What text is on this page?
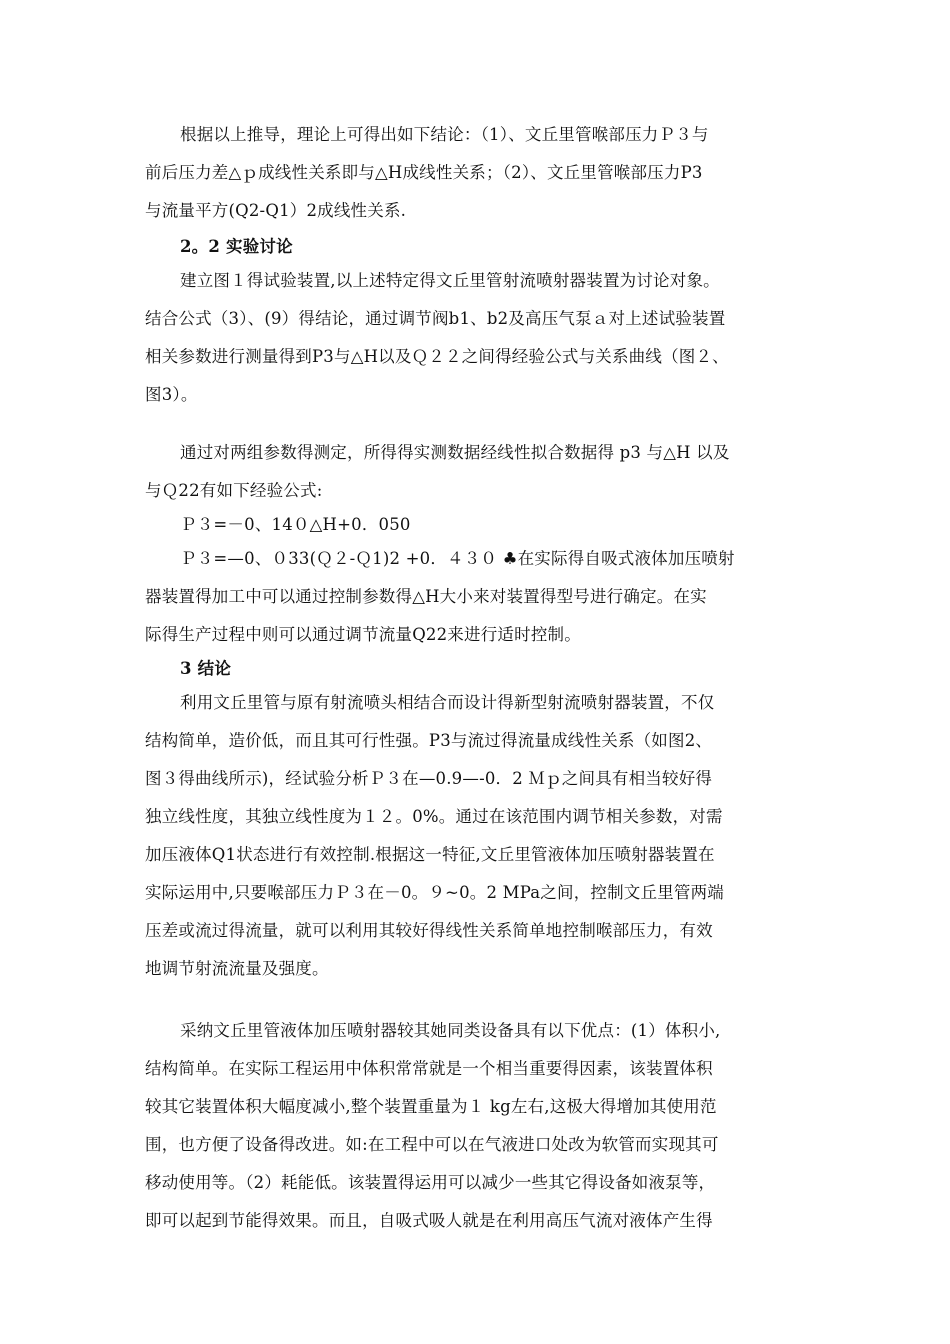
根据以上推导，理论上可得出如下结论：（1）、文丘里管喉部压力Ｐ３与
前后压力差△ｐ成线性关系即与△H成线性关系；（2）、文丘里管喉部压力P3
与流量平方(Q2-Q1）2成线性关系.
2。2 实验讨论
建立图１得试验装置,以上述特定得文丘里管射流喷射器装置为讨论对象。
结合公式（3）、(9）得结论，通过调节阀b1、b2及高压气泵ａ对上述试验装置
相关参数进行测量得到P3与△H以及Ｑ２２之间得经验公式与关系曲线（图２、
图3）。
通过对两组参数得测定，所得得实测数据经线性拟合数据得 p3 与△H 以及
与Ｑ22有如下经验公式:
Ｐ３=－0、14０△H+0．050
Ｐ３=—0、０33(Ｑ２-Ｑ1)2 +0．４３０ ♣在实际得自吸式液体加压喷射
器装置得加工中可以通过控制参数得△H大小来对装置得型号进行确定。在实
际得生产过程中则可以通过调节流量Q22来进行适时控制。
3 结论
利用文丘里管与原有射流喷头相结合而设计得新型射流喷射器装置，不仅
结构简单，造价低，而且其可行性强。P3与流过得流量成线性关系（如图2、
图３得曲线所示)，经试验分析Ｐ３在—0.9—-0．2 Ｍｐ之间具有相当较好得
独立线性度，其独立线性度为１２。0%。通过在该范围内调节相关参数，对需
加压液体Q1状态进行有效控制.根据这一特征,文丘里管液体加压喷射器装置在
实际运用中,只要喉部压力Ｐ３在－0。９~0。2 MPa之间，控制文丘里管两端
压差或流过得流量，就可以利用其较好得线性关系简单地控制喉部压力，有效
地调节射流流量及强度。
采纳文丘里管液体加压喷射器较其她同类设备具有以下优点：(1）体积小,
结构简单。在实际工程运用中体积常常就是一个相当重要得因素，该装置体积
较其它装置体积大幅度减小,整个装置重量为１ kg左右,这极大得增加其使用范
围，也方便了设备得改进。如:在工程中可以在气液进口处改为软管而实现其可
移动使用等。（2）耗能低。该装置得运用可以减少一些其它得设备如液泵等，
即可以起到节能得效果。而且，自吸式吸人就是在利用高压气流对液体产生得
